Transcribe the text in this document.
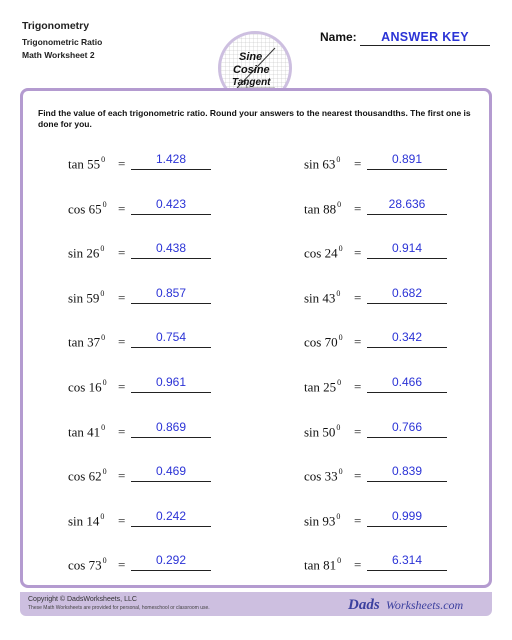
Trigonometry
Trigonometric Ratio
Math Worksheet 2	Sine
Cosine
Tangent
Name:	ANSWER KEY
Find the value of each trigonometric ratio. Round your answers to the nearest thousandths. The first one is done for you.
$\tan 55^0$ =	1.428	$\sin 63^0$ =	0.891
$\cos 65^0$ =	0.423	$\tan 88^0$ =	28.636
$\sin 26^0$ =	0.438	$\cos 24^0$ =	0.914
$\sin 59^0$ =	0.857	$\sin 43^0$ =	0.682
$\tan 37^0$ =	0.754	$\cos 70^0$ =	0.342
$\cos 16^0$ =	0.961	$\tan 25^0$ =	0.466
$\tan 41^0$ =	0.869	$\sin 50^0$ =	0.766
$\cos 62^0$ =	0.469	$\cos 33^0$ =	0.839
$\sin 14^0$ =	0.242	$\sin 93^0$ =	0.999
$\cos 73^0$ =	0.292	$\tan 81^0$ =	6.314
Copyright © DadsWorksheets, LLC
These Math Worksheets are provided for personal, homeschool or classroom use.	Dads Worksheets.com
